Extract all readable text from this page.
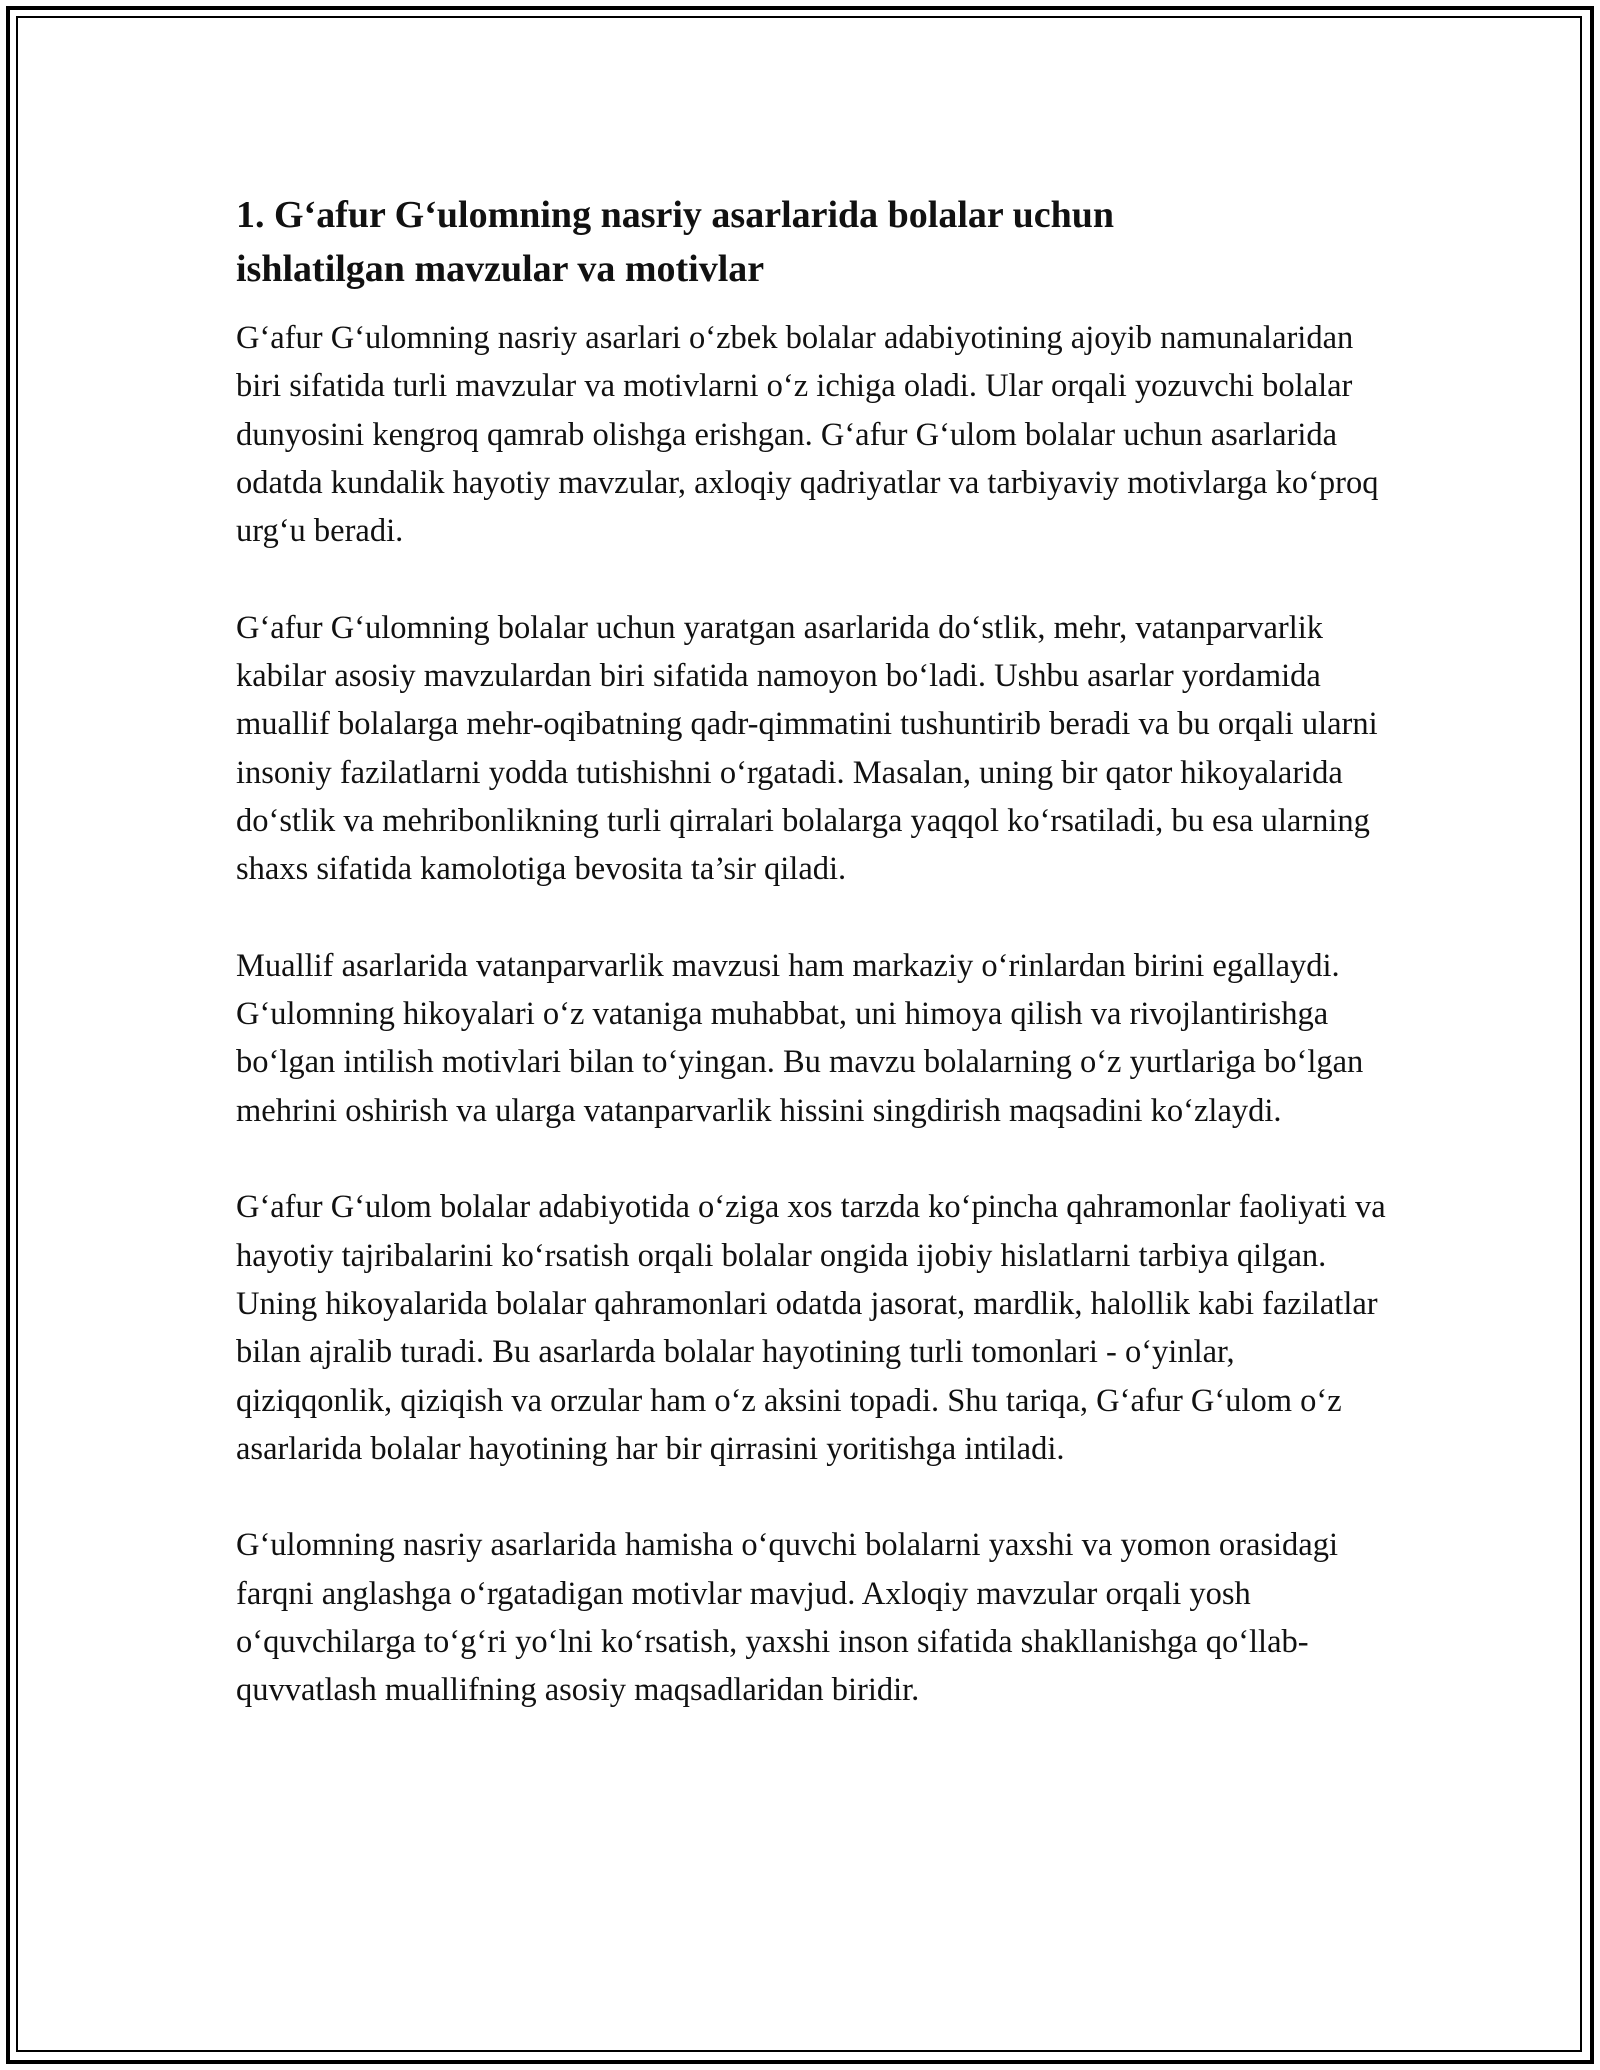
1. G‘afur G‘ulomning nasriy asarlarida bolalar uchun ishlatilgan mavzular va motivlar

G‘afur G‘ulomning nasriy asarlari o‘zbek bolalar adabiyotining ajoyib namunalaridan biri sifatida turli mavzular va motivlarni o‘z ichiga oladi. Ular orqali yozuvchi bolalar dunyosini kengroq qamrab olishga erishgan. G‘afur G‘ulom bolalar uchun asarlarida odatda kundalik hayotiy mavzular, axloqiy qadriyatlar va tarbiyaviy motivlarga ko‘proq urg‘u beradi.

G‘afur G‘ulomning bolalar uchun yaratgan asarlarida do‘stlik, mehr, vatanparvarlik kabilar asosiy mavzulardan biri sifatida namoyon bo‘ladi. Ushbu asarlar yordamida muallif bolalarga mehr-oqibatning qadr-qimmatini tushuntirib beradi va bu orqali ularni insoniy fazilatlarni yodda tutishishni o‘rgatadi. Masalan, uning bir qator hikoyalarida do‘stlik va mehribonlikning turli qirralari bolalarga yaqqol ko‘rsatiladi, bu esa ularning shaxs sifatida kamolotiga bevosita ta’sir qiladi.

Muallif asarlarida vatanparvarlik mavzusi ham markaziy o‘rinlardan birini egallaydi. G‘ulomning hikoyalari o‘z vataniga muhabbat, uni himoya qilish va rivojlantirishga bo‘lgan intilish motivlari bilan to‘yingan. Bu mavzu bolalarning o‘z yurtlariga bo‘lgan mehrini oshirish va ularga vatanparvarlik hissini singdirish maqsadini ko‘zlaydi.

G‘afur G‘ulom bolalar adabiyotida o‘ziga xos tarzda ko‘pincha qahramonlar faoliyati va hayotiy tajribalarini ko‘rsatish orqali bolalar ongida ijobiy hislatlarni tarbiya qilgan. Uning hikoyalarida bolalar qahramonlari odatda jasorat, mardlik, halollik kabi fazilatlar bilan ajralib turadi. Bu asarlarda bolalar hayotining turli tomonlari - o‘yinlar, qiziqqonlik, qiziqish va orzular ham o‘z aksini topadi. Shu tariqa, G‘afur G‘ulom o‘z asarlarida bolalar hayotining har bir qirrasini yoritishga intiladi.

G‘ulomning nasriy asarlarida hamisha o‘quvchi bolalarni yaxshi va yomon orasidagi farqni anglashga o‘rgatadigan motivlar mavjud. Axloqiy mavzular orqali yosh o‘quvchilarga to‘g‘ri yo‘lni ko‘rsatish, yaxshi inson sifatida shakllanishga qo‘llab-quvvatlash muallifning asosiy maqsadlaridan biridir.
